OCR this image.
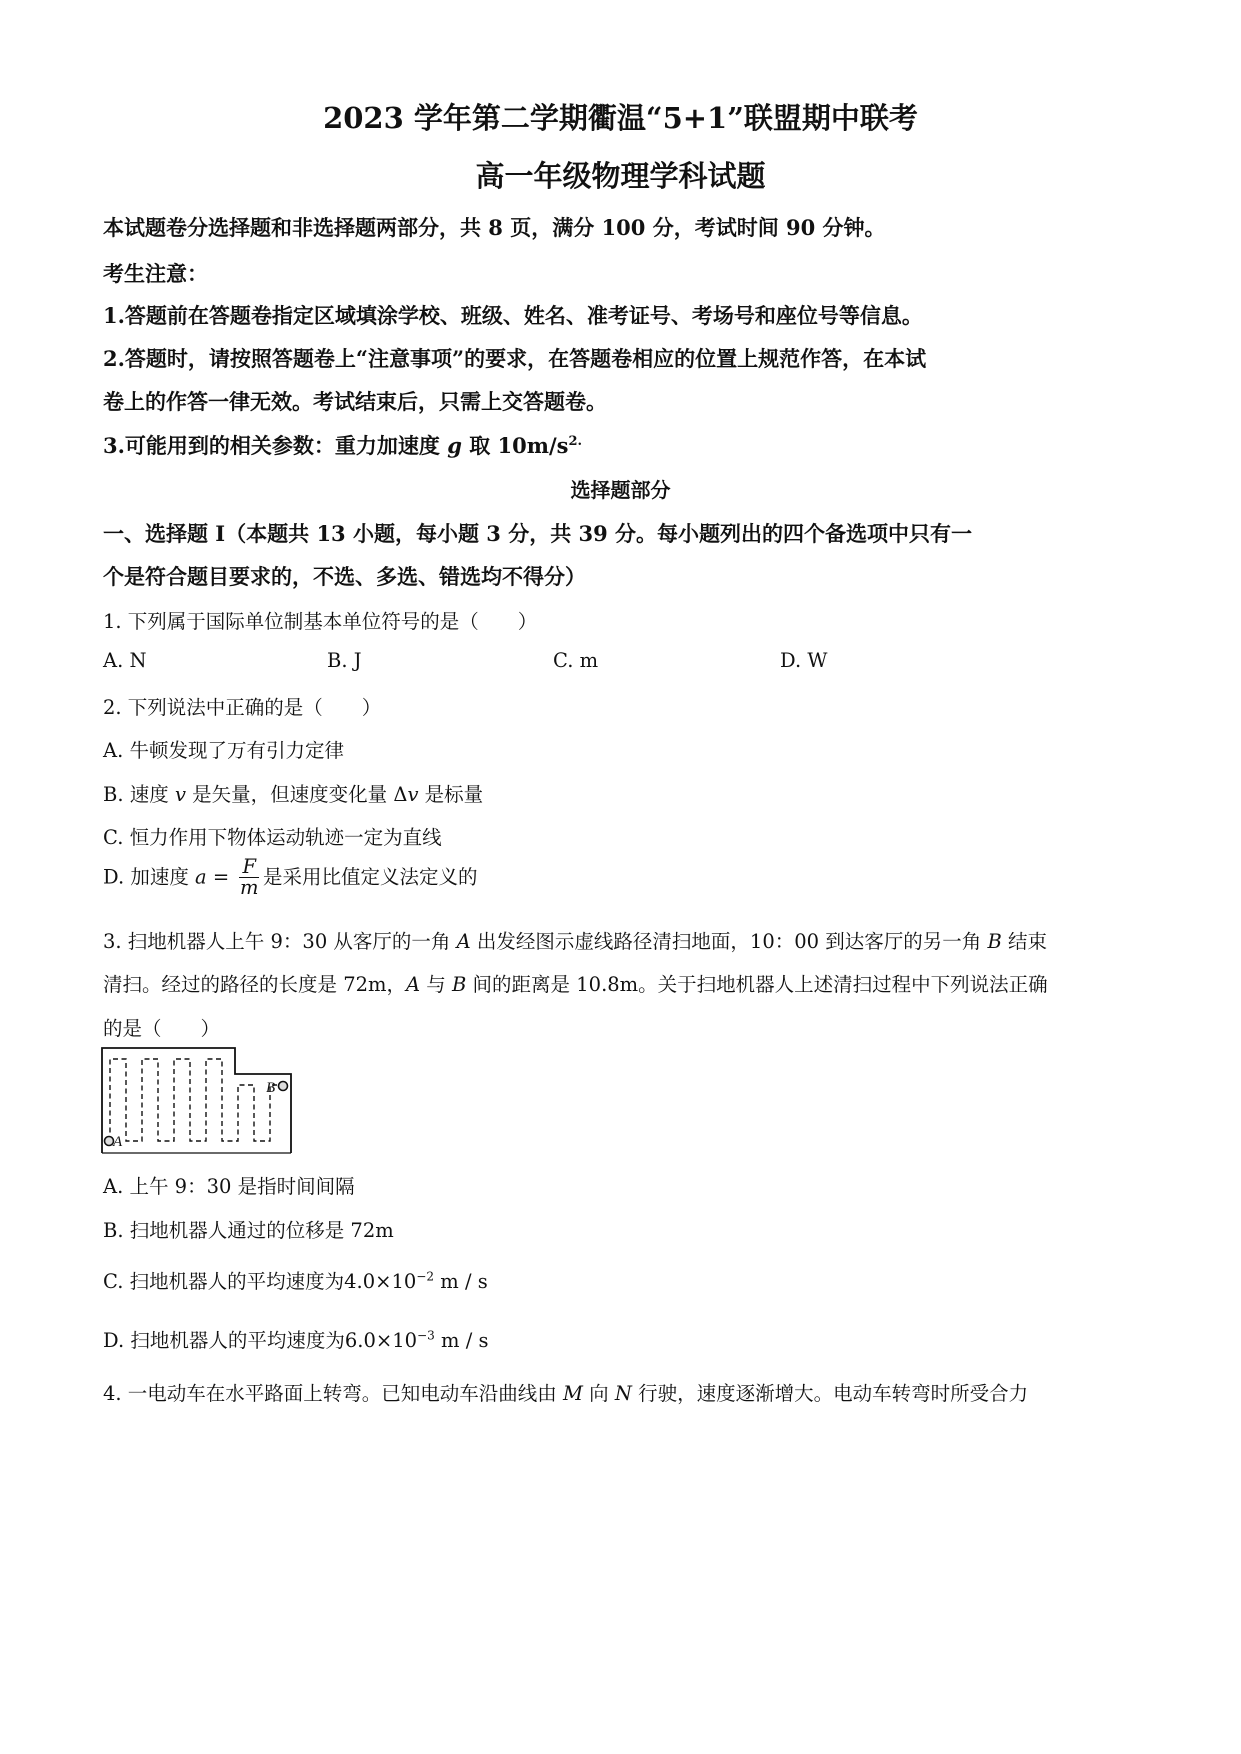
2023 学年第二学期衢温“5+1”联盟期中联考
高一年级物理学科试题
本试题卷分选择题和非选择题两部分，共 8 页，满分 100 分，考试时间 90 分钟。
考生注意：
1.答题前在答题卷指定区域填涂学校、班级、姓名、准考证号、考场号和座位号等信息。
2.答题时，请按照答题卷上“注意事项”的要求，在答题卷相应的位置上规范作答，在本试
卷上的作答一律无效。考试结束后，只需上交答题卷。
3.可能用到的相关参数：重力加速度 g 取 $10m/s^{2.}$
选择题部分
一、选择题 I（本题共 13 小题，每小题 3 分，共 39 分。每小题列出的四个备选项中只有一
个是符合题目要求的，不选、多选、错选均不得分）
1. 下列属于国际单位制基本单位符号的是（　　）
A. N	B. J	C. m	D. W
2. 下列说法中正确的是（　　）
A. 牛顿发现了万有引力定律
B. 速度 v 是矢量，但速度变化量 Δv 是标量
C. 恒力作用下物体运动轨迹一定为直线
D. 加速度 $a = \frac{F}{m}$ 是采用比值定义法定义的
3. 扫地机器人上午 9：30 从客厅的一角 A 出发经图示虚线路径清扫地面，10：00 到达客厅的另一角 B 结束
清扫。经过的路径的长度是 72m，A 与 B 间的距离是 10.8m。关于扫地机器人上述清扫过程中下列说法正确
的是（　　）
A
B
A. 上午 9：30 是指时间间隔
B. 扫地机器人通过的位移是 72m
C. 扫地机器人的平均速度为$4.0\times 10^{-2}$ m / s
D. 扫地机器人的平均速度为$6.0\times 10^{-3}$ m / s
4. 一电动车在水平路面上转弯。已知电动车沿曲线由 M 向 N 行驶，速度逐渐增大。电动车转弯时所受合力
